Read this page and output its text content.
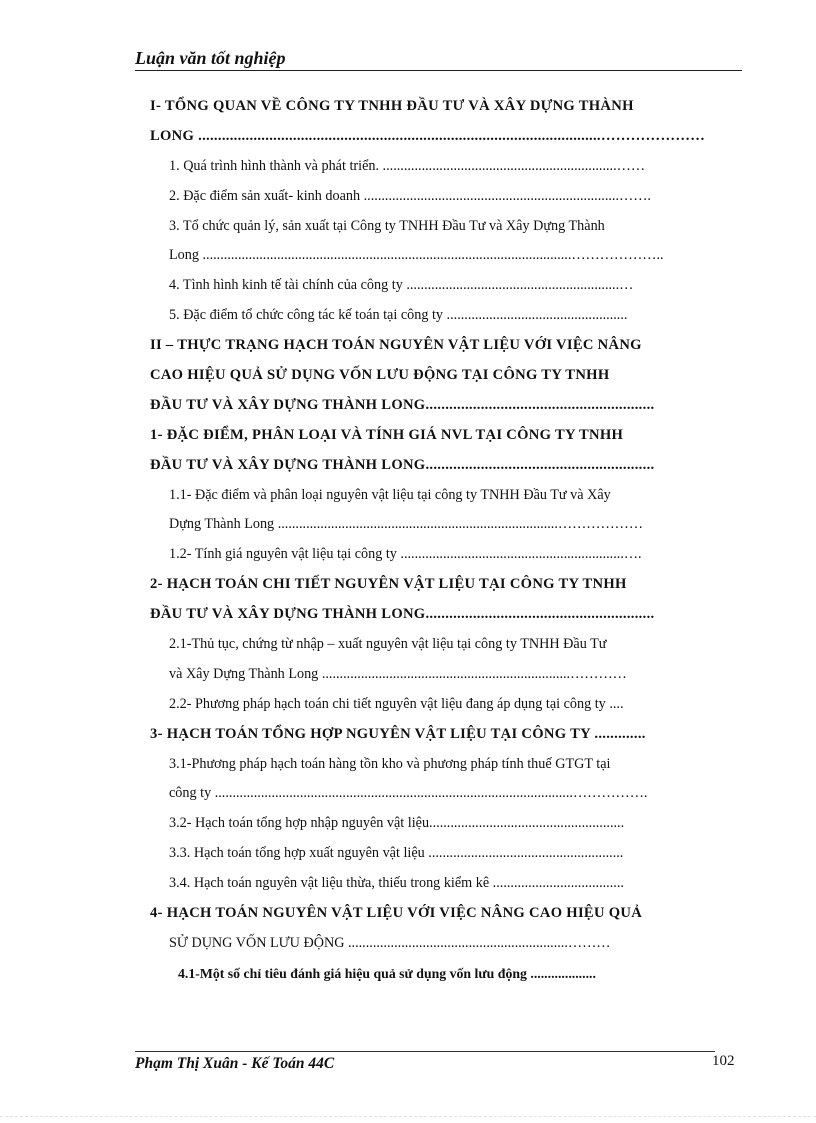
Luận văn tốt nghiệp
I- TỔNG QUAN VỀ CÔNG TY TNHH ĐẦU TƯ VÀ XÂY DỰNG THÀNH
LONG ......................................................................................................…………………
1. Quá trình hình thành và phát triển. ..................................................................……
2. Đặc điểm sản xuất- kinh doanh ........................................................................…….
3. Tổ chức quản lý, sản xuất tại Công ty TNHH Đầu Tư và Xây Dựng Thành
Long ........................................................................................................………………..
4. Tình hình kinh tế tài chính của công ty ............................................................…
5. Đặc điểm tổ chức công tác kế toán tại công ty ...................................................
II – THỰC TRẠNG HẠCH TOÁN NGUYÊN VẬT LIỆU VỚI VIỆC NÂNG
CAO HIỆU QUẢ SỬ DỤNG VỐN LƯU ĐỘNG TẠI CÔNG TY TNHH
ĐẦU TƯ VÀ XÂY DỰNG THÀNH LONG..........................................................
1- ĐẶC ĐIỂM, PHÂN LOẠI VÀ TÍNH GIÁ NVL TẠI CÔNG TY TNHH
ĐẦU TƯ VÀ XÂY DỰNG THÀNH LONG..........................................................
1.1- Đặc điểm và phân loại nguyên vật liệu tại công ty TNHH Đầu Tư và Xây
Dựng Thành Long ...............................................................................………………
1.2- Tính giá nguyên vật liệu tại công ty ...............................................................….
2- HẠCH TOÁN CHI TIẾT NGUYÊN VẬT LIỆU TẠI CÔNG TY TNHH
ĐẦU TƯ VÀ XÂY DỰNG THÀNH LONG..........................................................
2.1-Thủ tục, chứng từ nhập – xuất nguyên vật liệu tại công ty TNHH Đầu Tư
và Xây Dựng Thành Long ......................................................................…………
2.2- Phương pháp hạch toán chi tiết nguyên vật liệu đang áp dụng tại công ty ....
3- HẠCH TOÁN TỔNG HỢP NGUYÊN VẬT LIỆU TẠI CÔNG TY .............
3.1-Phương pháp hạch toán hàng tồn kho và phương pháp tính thuế GTGT tại
công ty .....................................................................................................…………….
3.2- Hạch toán tổng hợp nhập nguyên vật liệu.......................................................
3.3. Hạch toán tổng hợp xuất nguyên vật liệu .......................................................
3.4. Hạch toán nguyên vật liệu thừa, thiếu trong kiểm kê .....................................
4- HẠCH TOÁN NGUYÊN VẬT LIỆU VỚI VIỆC NÂNG CAO HIỆU QUẢ
SỬ DỤNG VỐN LƯU ĐỘNG ..............................................................………
4.1-Một số chỉ tiêu đánh giá hiệu quả sử dụng vốn lưu động ...................
Phạm Thị Xuân - Kế Toán 44C	102
